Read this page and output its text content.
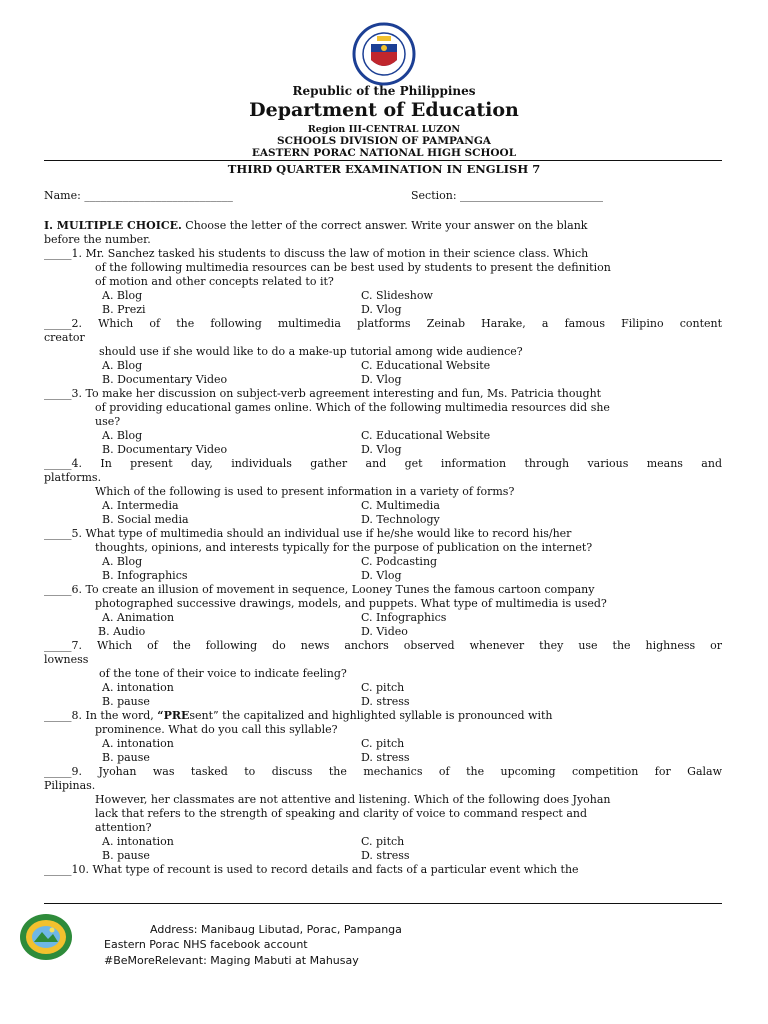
Republic of the Philippines
Department of Education
Region III-CENTRAL LUZON
SCHOOLS DIVISION OF PAMPANGA
EASTERN PORAC NATIONAL HIGH SCHOOL
THIRD QUARTER EXAMINATION IN ENGLISH 7
Name: ___________________________	Section: __________________________
I. MULTIPLE CHOICE. Choose the letter of the correct answer. Write your answer on the blank
before the number.
_____1. Mr. Sanchez tasked his students to discuss the law of motion in their science class. Which
of the following multimedia resources can be best used by students to present the definition
of motion and other concepts related to it?
A. Blog	C. Slideshow
B. Prezi	D. Vlog
_____2. Which of the following multimedia platforms Zeinab Harake, a famous Filipino content
creator
should use if she would like to do a make-up tutorial among wide audience?
A. Blog	C. Educational Website
B. Documentary Video	D. Vlog
_____3. To make her discussion on subject-verb agreement interesting and fun, Ms. Patricia thought
of providing educational games online. Which of the following multimedia resources did she
use?
A. Blog	C. Educational Website
B. Documentary Video	D. Vlog
_____4. In present day, individuals gather and get information through various means and
platforms.
Which of the following is used to present information in a variety of forms?
A. Intermedia	C. Multimedia
B. Social media	D. Technology
_____5. What type of multimedia should an individual use if he/she would like to record his/her
thoughts, opinions, and interests typically for the purpose of publication on the internet?
A. Blog	C. Podcasting
B. Infographics	D. Vlog
_____6. To create an illusion of movement in sequence, Looney Tunes the famous cartoon company
photographed successive drawings, models, and puppets. What type of multimedia is used?
A. Animation	C. Infographics
B. Audio	D. Video
_____7. Which of the following do news anchors observed whenever they use the highness or
lowness
of the tone of their voice to indicate feeling?
A. intonation	C. pitch
B. pause	D. stress
_____8. In the word, “PREsent” the capitalized and highlighted syllable is pronounced with
prominence. What do you call this syllable?
A. intonation	C. pitch
B. pause	D. stress
_____9. Jyohan was tasked to discuss the mechanics of the upcoming competition for Galaw
Pilipinas.
However, her classmates are not attentive and listening. Which of the following does Jyohan
lack that refers to the strength of speaking and clarity of voice to command respect and
attention?
A. intonation	C. pitch
B. pause	D. stress
_____10. What type of recount is used to record details and facts of a particular event which the
Address: Manibaug Libutad, Porac, Pampanga
Eastern Porac NHS facebook account
#BeMoreRelevant: Maging Mabuti at Mahusay
